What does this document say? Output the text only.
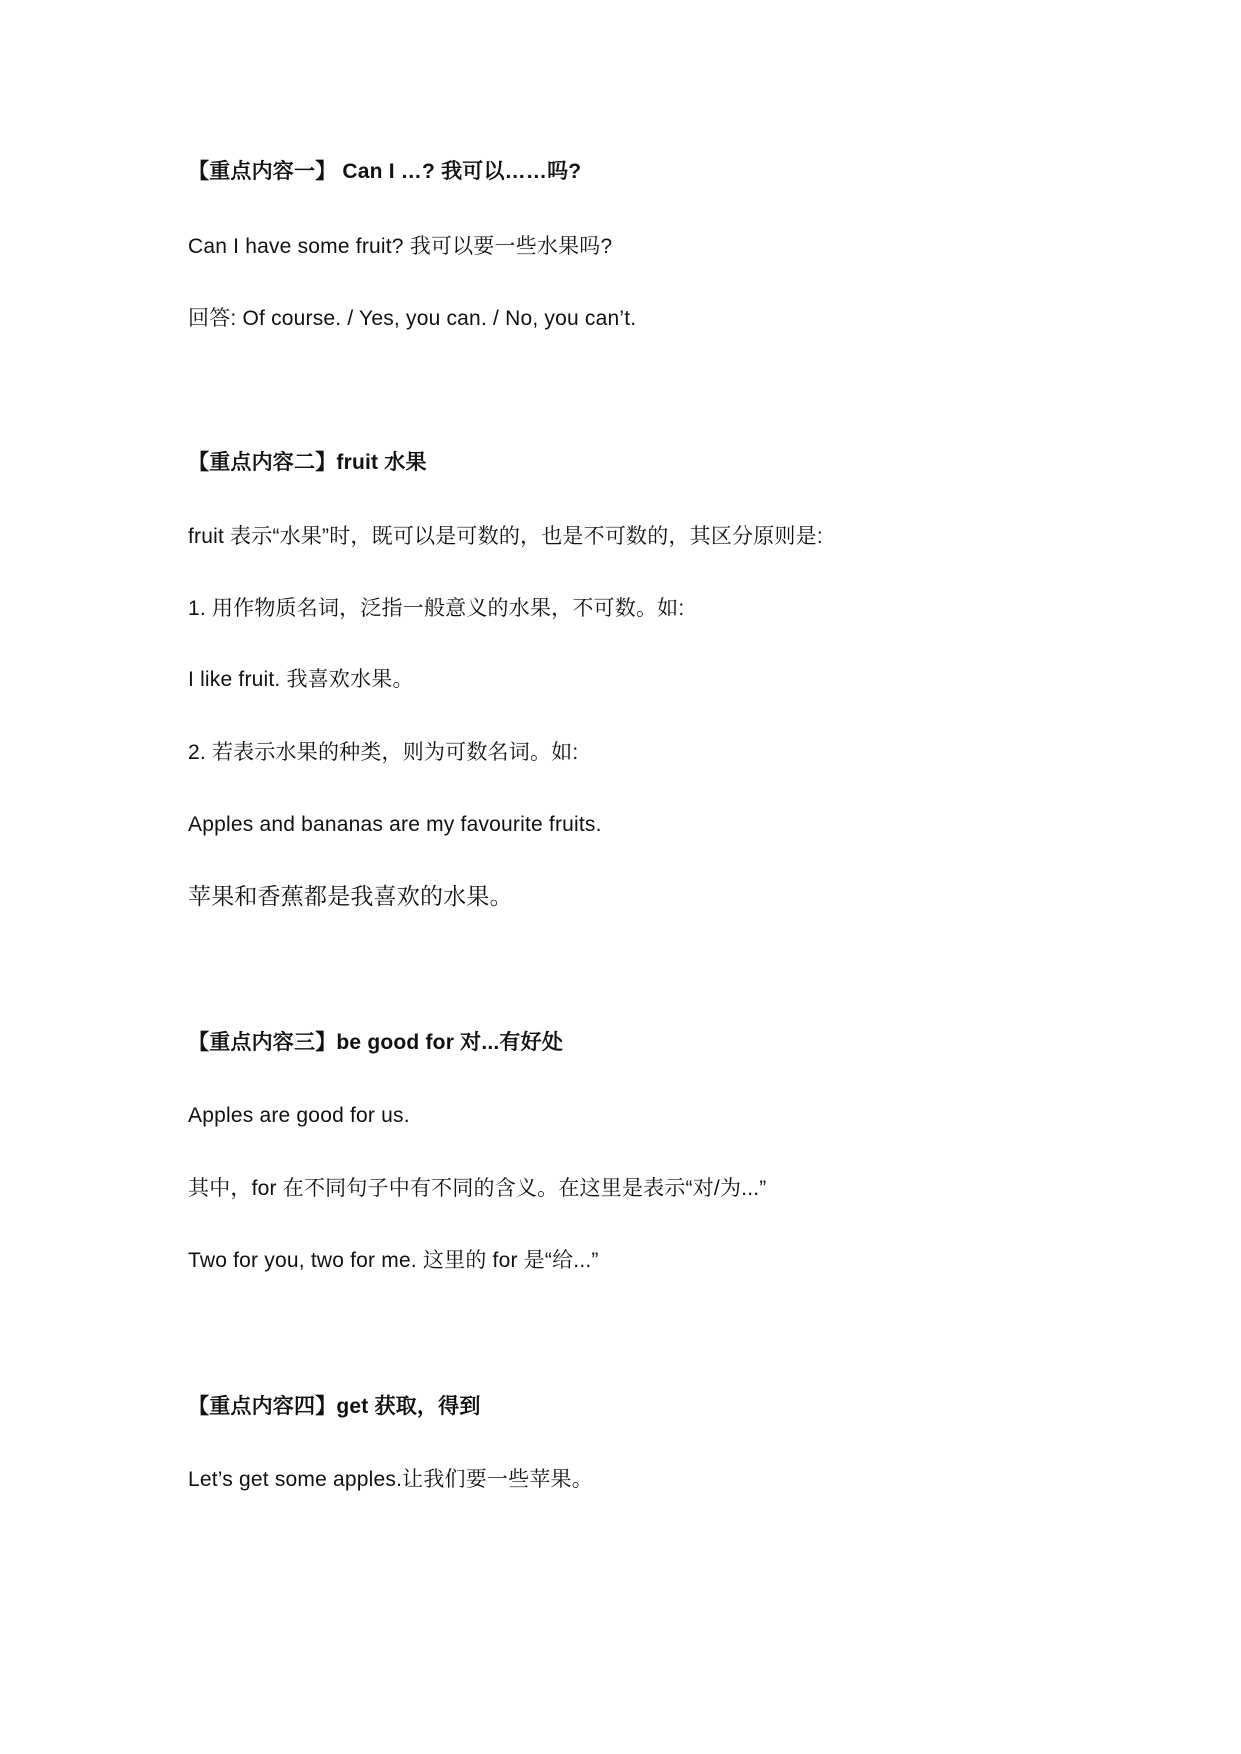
【重点内容一】 Can I …? 我可以……吗?
Can I have some fruit? 我可以要一些水果吗?
回答: Of course. / Yes, you can. / No, you can’t.
【重点内容二】fruit 水果
fruit 表示“水果”时，既可以是可数的，也是不可数的，其区分原则是:
1. 用作物质名词，泛指一般意义的水果，不可数。如:
I like fruit. 我喜欢水果。
2. 若表示水果的种类，则为可数名词。如:
Apples and bananas are my favourite fruits.
苹果和香蕉都是我喜欢的水果。
【重点内容三】be good for 对...有好处
Apples are good for us.
其中，for 在不同句子中有不同的含义。在这里是表示“对/为...”
Two for you, two for me. 这里的 for 是“给...”
【重点内容四】get 获取，得到
Let’s get some apples.让我们要一些苹果。
